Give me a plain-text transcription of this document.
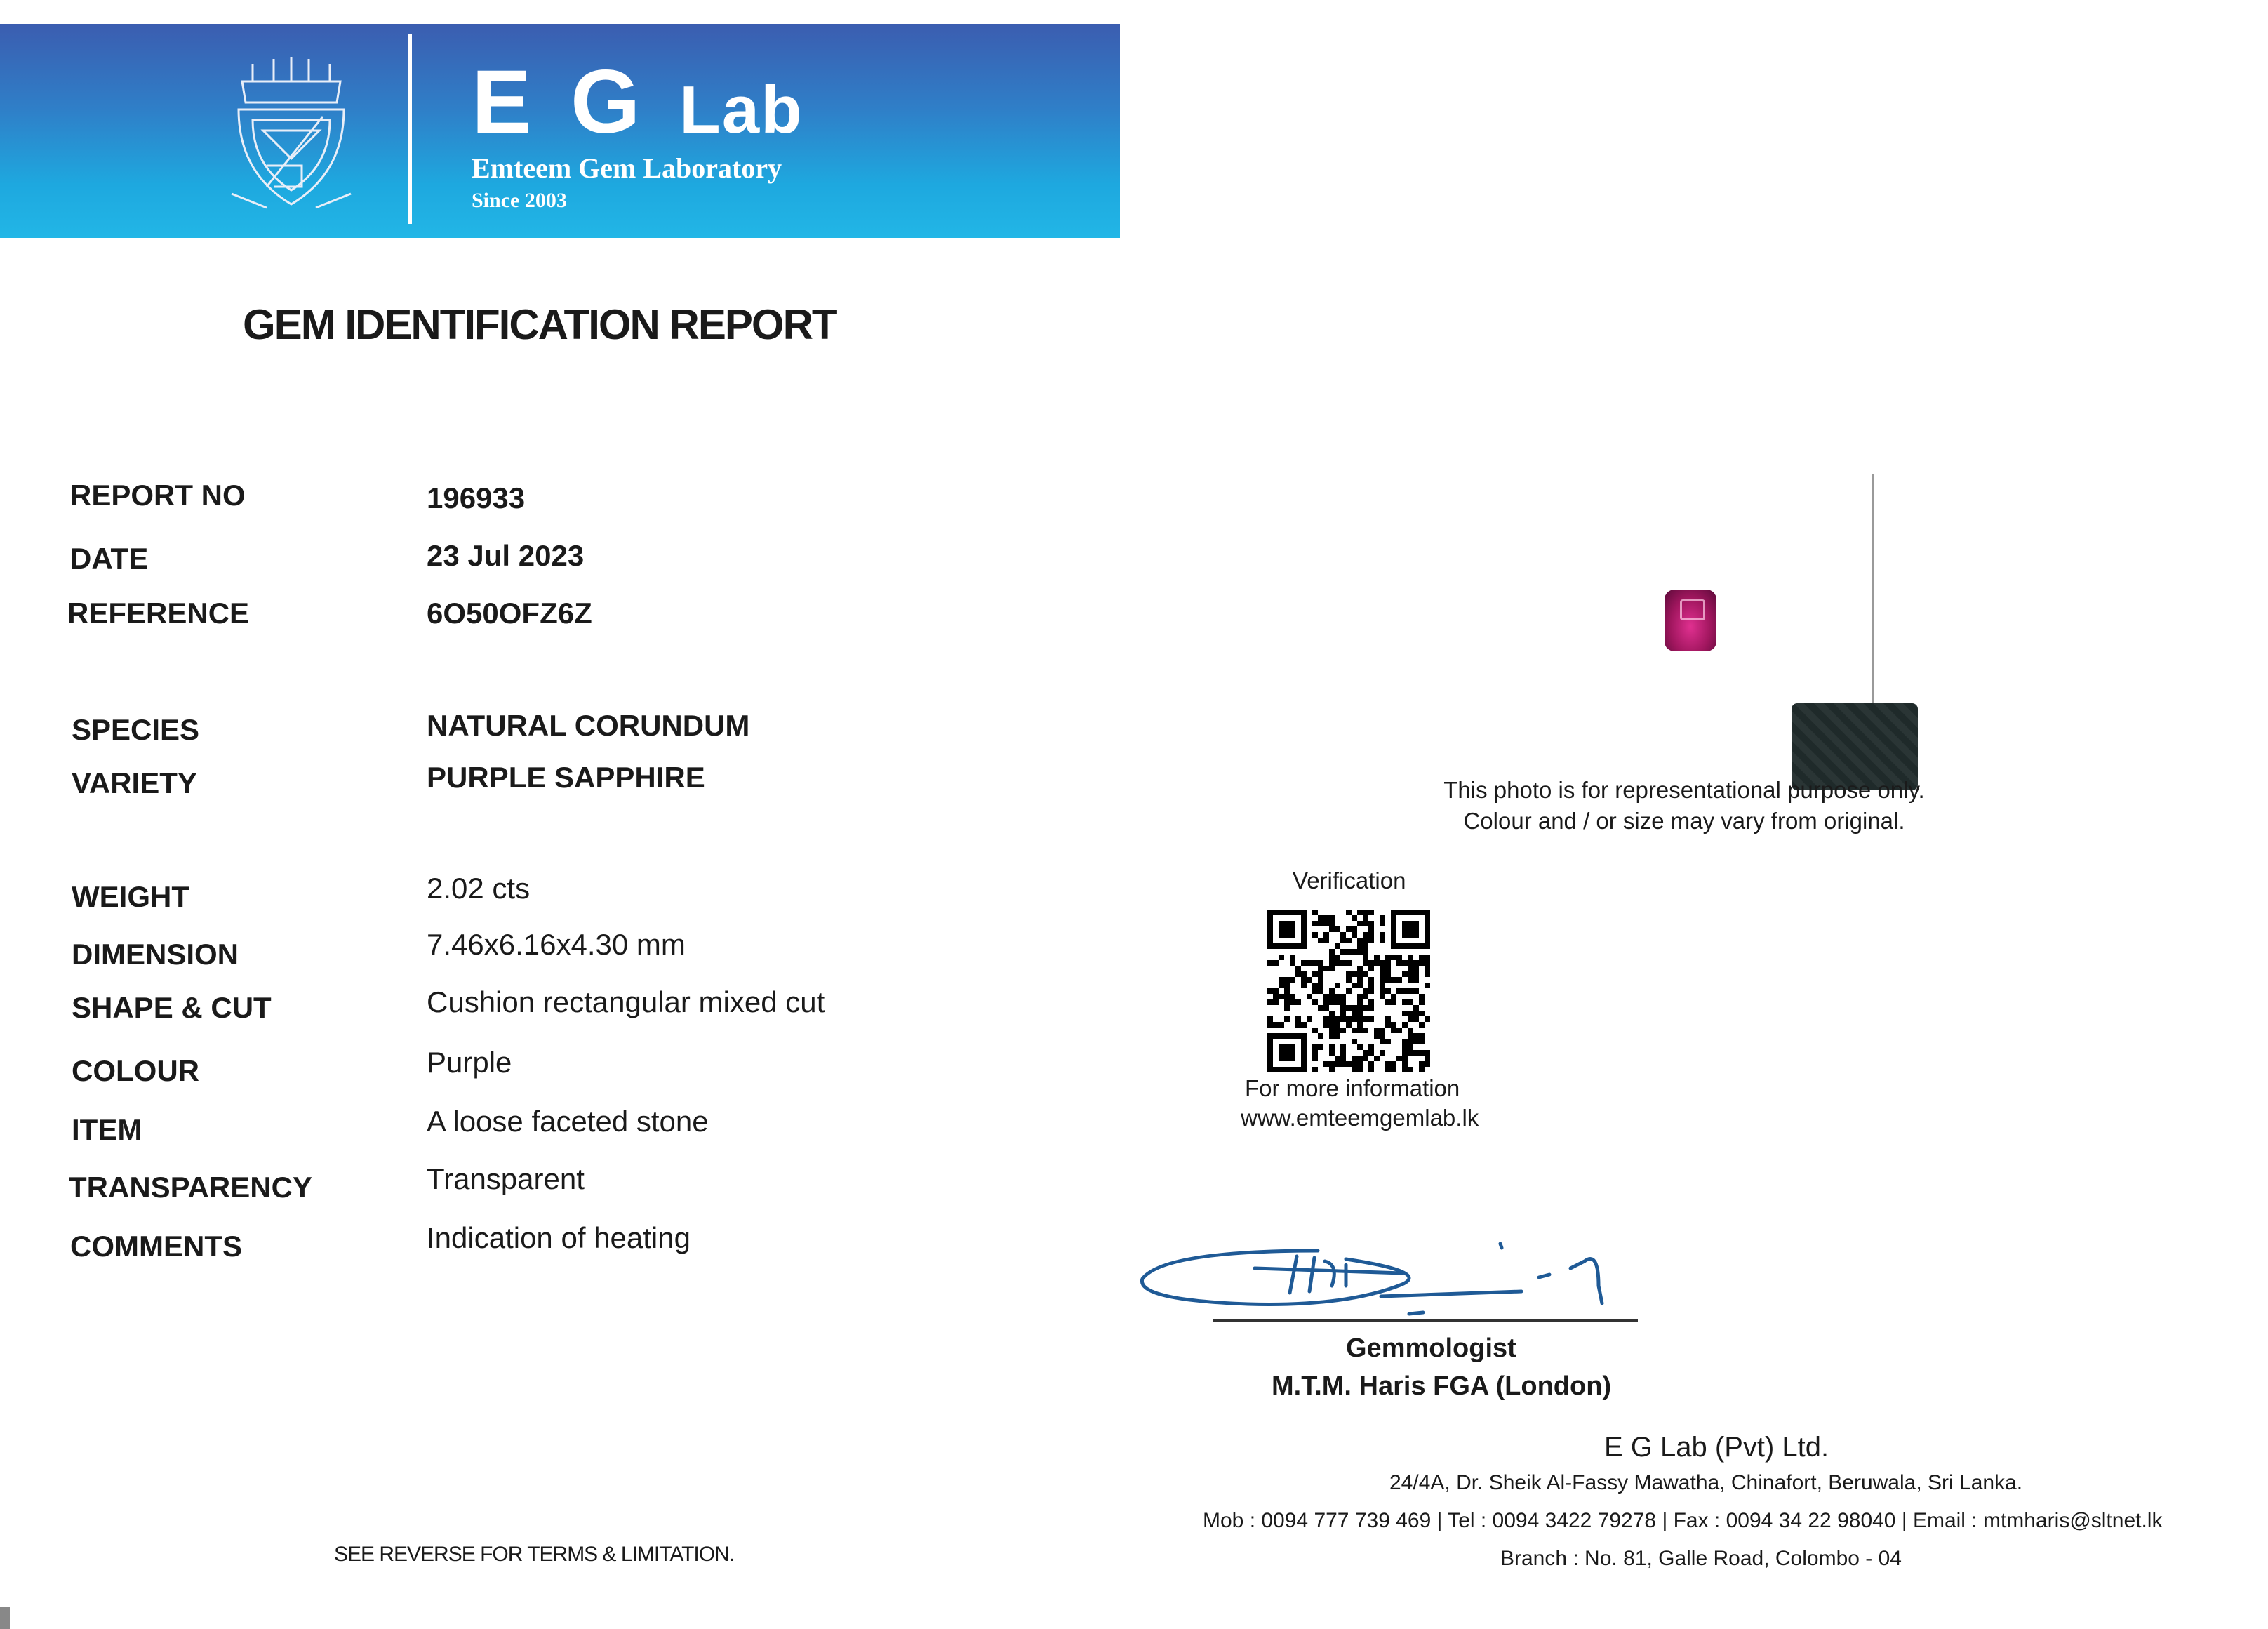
E G Lab
Emteem Gem Laboratory
Since 2003
GEM IDENTIFICATION REPORT
REPORT NO	196933
DATE	23 Jul 2023
REFERENCE	6O50OFZ6Z
SPECIES	NATURAL CORUNDUM
VARIETY	PURPLE SAPPHIRE
WEIGHT	2.02 cts
DIMENSION	7.46x6.16x4.30 mm
SHAPE & CUT	Cushion rectangular mixed cut
COLOUR	Purple
ITEM	A loose faceted stone
TRANSPARENCY	Transparent
COMMENTS	Indication of heating
This photo is for representational purpose only.
Colour and / or size may vary from original.
Verification
For more information
www.emteemgemlab.lk
Gemmologist
M.T.M. Haris FGA (London)
E G Lab (Pvt) Ltd.
24/4A, Dr. Sheik Al-Fassy Mawatha, Chinafort, Beruwala, Sri Lanka.
Mob : 0094 777 739 469 | Tel : 0094 3422 79278 | Fax : 0094 34 22 98040 | Email : mtmharis@sltnet.lk
Branch : No. 81, Galle Road, Colombo - 04
SEE REVERSE FOR TERMS & LIMITATION.
